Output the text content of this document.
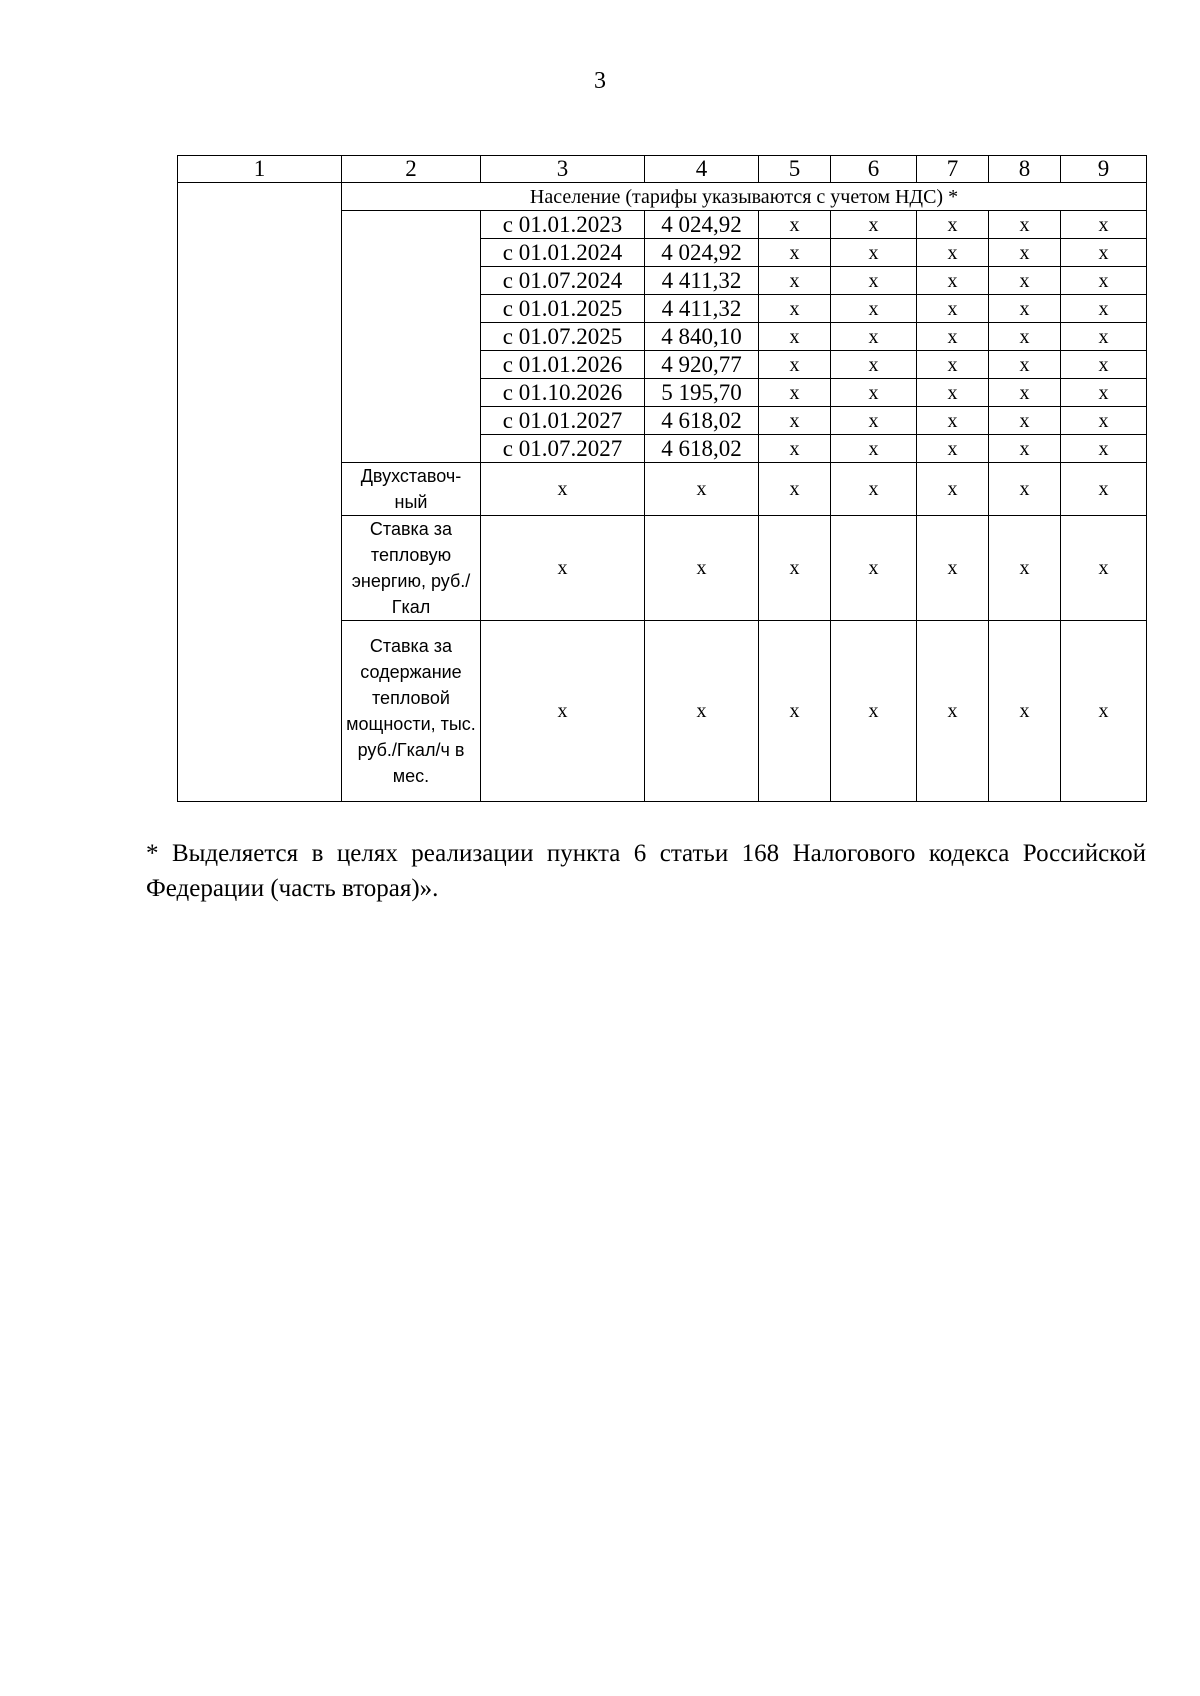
3
1	2	3	4	5	6	7	8	9
	Население (тарифы указываются с учетом НДС) *							
		с 01.01.2023	4 024,92	x	x	x	x	x
		с 01.01.2024	4 024,92	x	x	x	x	x
		с 01.07.2024	4 411,32	x	x	x	x	x
		с 01.01.2025	4 411,32	x	x	x	x	x
		с 01.07.2025	4 840,10	x	x	x	x	x
		с 01.01.2026	4 920,77	x	x	x	x	x
		с 01.10.2026	5 195,70	x	x	x	x	x
		с 01.01.2027	4 618,02	x	x	x	x	x
		с 01.07.2027	4 618,02	x	x	x	x	x
	Двухставоч-ный	x	x	x	x	x	x	x
	Ставка за тепловую энергию, руб./Гкал	x	x	x	x	x	x	x
	Ставка за содержание тепловой мощности, тыс. руб./Гкал/ч в мес.	x	x	x	x	x	x	x
* Выделяется в целях реализации пункта 6 статьи 168 Налогового кодекса Российской Федерации (часть вторая)».
